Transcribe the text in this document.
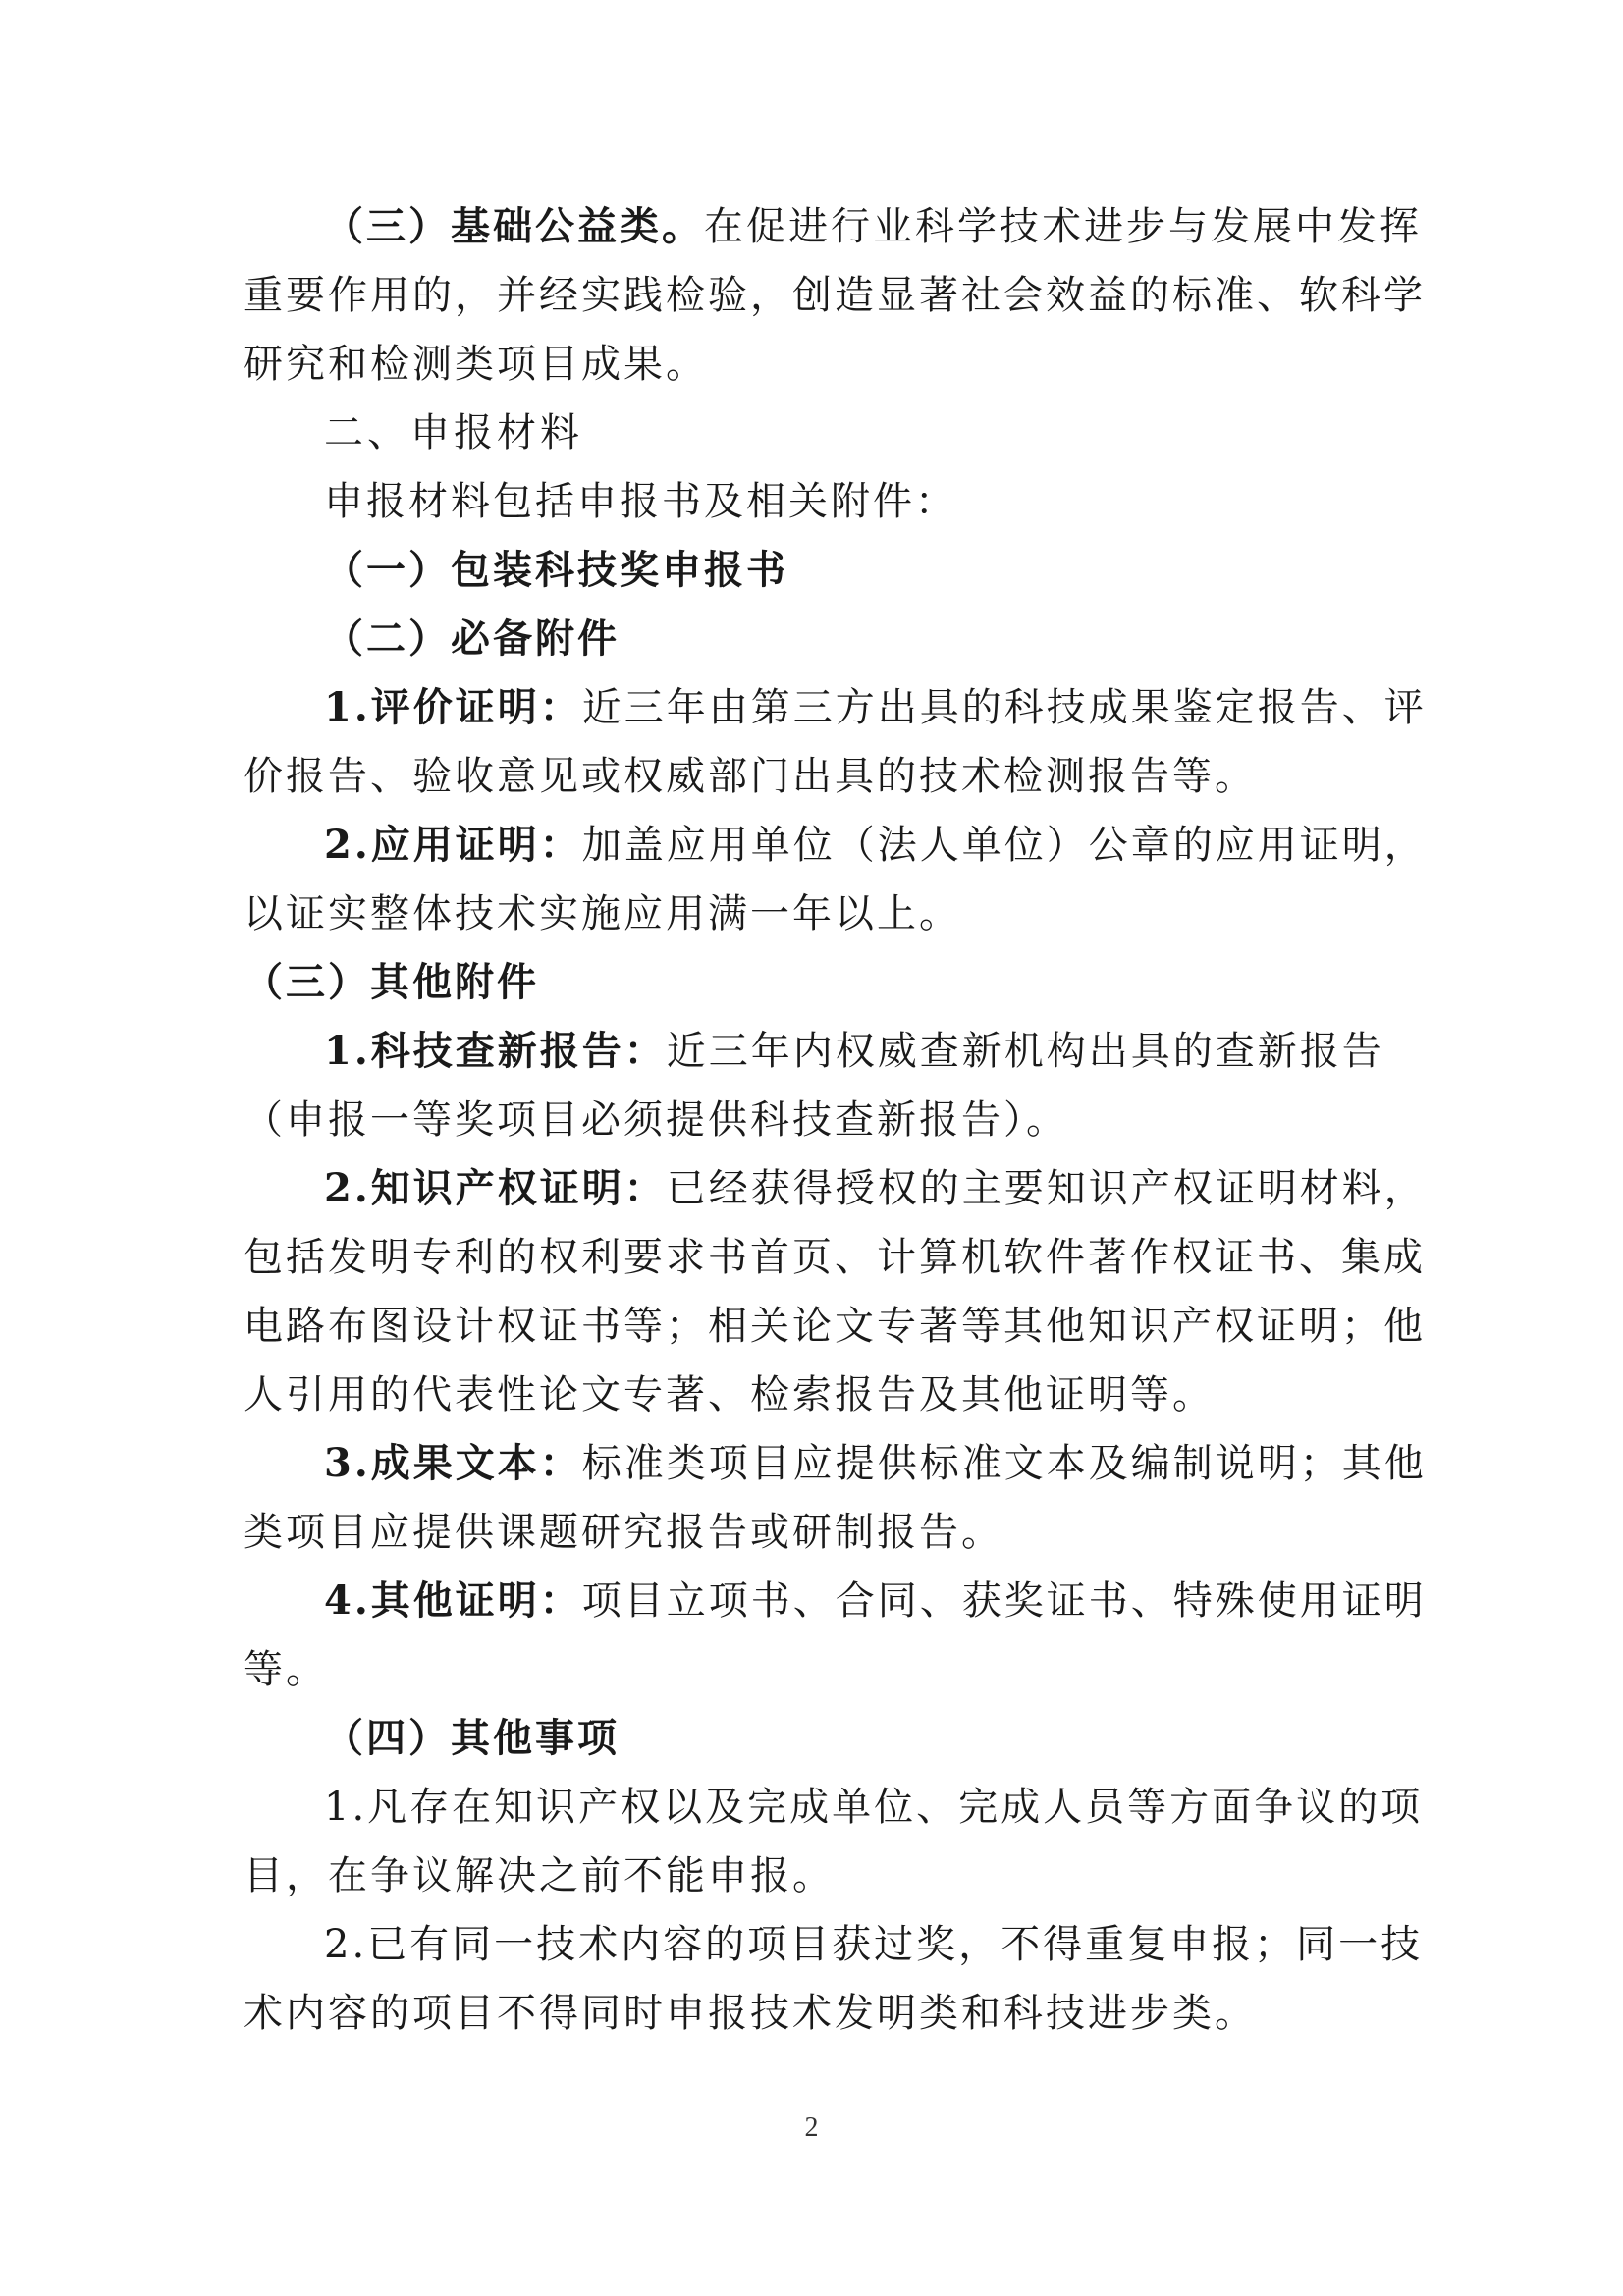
（三）基础公益类。在促进行业科学技术进步与发展中发挥

重要作用的，并经实践检验，创造显著社会效益的标准、软科学

研究和检测类项目成果。

二、申报材料

申报材料包括申报书及相关附件：

（一）包装科技奖申报书

（二）必备附件

1.评价证明：近三年由第三方出具的科技成果鉴定报告、评

价报告、验收意见或权威部门出具的技术检测报告等。

2.应用证明：加盖应用单位（法人单位）公章的应用证明，

以证实整体技术实施应用满一年以上。

（三）其他附件

1.科技查新报告：近三年内权威查新机构出具的查新报告

（申报一等奖项目必须提供科技查新报告）。

2.知识产权证明：已经获得授权的主要知识产权证明材料，

包括发明专利的权利要求书首页、计算机软件著作权证书、集成

电路布图设计权证书等；相关论文专著等其他知识产权证明；他

人引用的代表性论文专著、检索报告及其他证明等。

3.成果文本：标准类项目应提供标准文本及编制说明；其他

类项目应提供课题研究报告或研制报告。

4.其他证明：项目立项书、合同、获奖证书、特殊使用证明

等。

（四）其他事项

1.凡存在知识产权以及完成单位、完成人员等方面争议的项

目，在争议解决之前不能申报。

2.已有同一技术内容的项目获过奖，不得重复申报；同一技

术内容的项目不得同时申报技术发明类和科技进步类。

2
